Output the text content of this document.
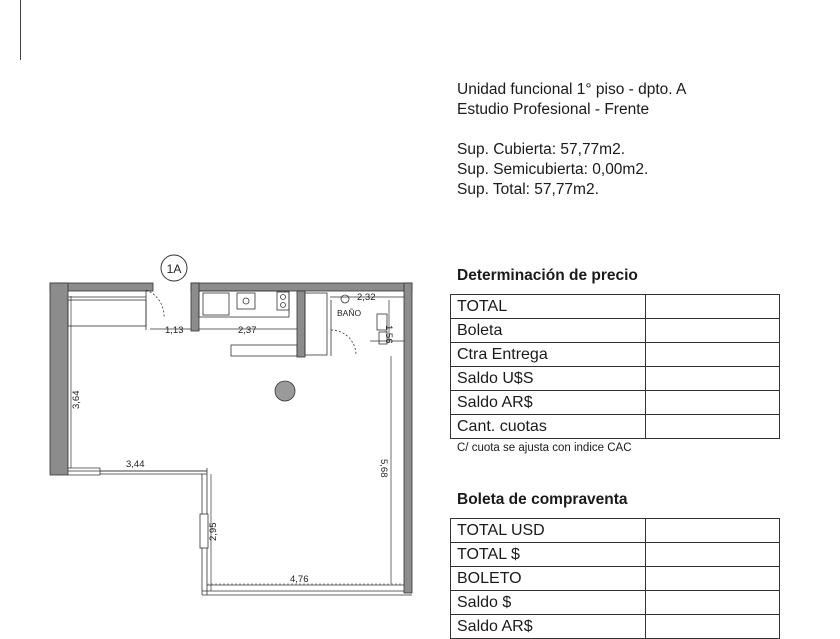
Unidad funcional 1° piso - dpto. A
Estudio Profesional - Frente
Sup. Cubierta: 57,77m2.
Sup. Semicubierta: 0,00m2.
Sup. Total: 57,77m2.
Determinación de precio
TOTAL	
Boleta	
Ctra Entrega	
Saldo U$S	
Saldo AR$	
Cant. cuotas	
C/ cuota se ajusta con indice CAC
Boleta de compraventa
TOTAL USD	
TOTAL $	
BOLETO	
Saldo $	
Saldo AR$	
1A
1,13	2,37
2,32
1,56
3,64
3,44	5,68
2,95
4,76
BAÑO
